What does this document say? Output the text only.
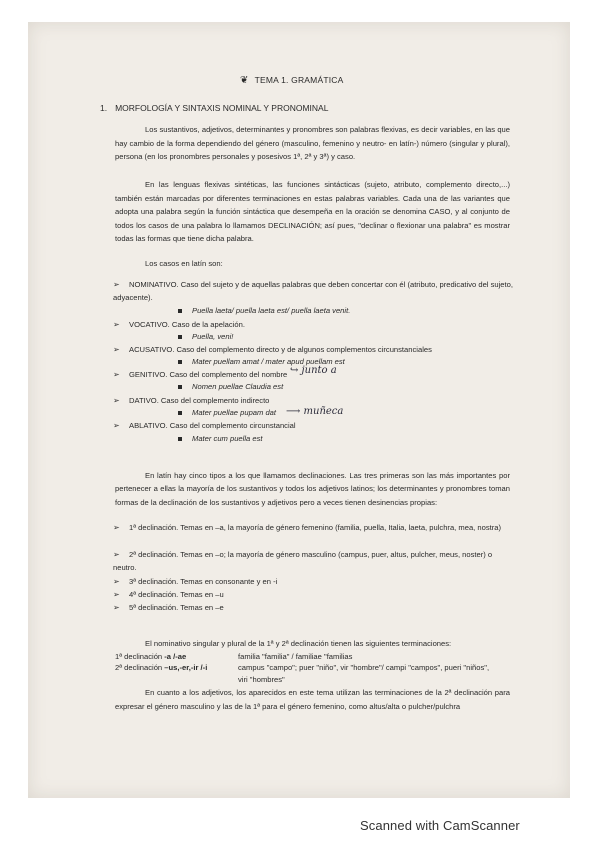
❦ TEMA 1. GRAMÁTICA
1. MORFOLOGÍA Y SINTAXIS NOMINAL Y PRONOMINAL
Los sustantivos, adjetivos, determinantes y pronombres son palabras flexivas, es decir variables, en las que hay cambio de la forma dependiendo del género (masculino, femenino y neutro- en latín-) número (singular y plural), persona (en los pronombres personales y posesivos 1ª, 2ª y 3ª) y caso.
En las lenguas flexivas sintéticas, las funciones sintácticas (sujeto, atributo, complemento directo,...) también están marcadas por diferentes terminaciones en estas palabras variables. Cada una de las variantes que adopta una palabra según la función sintáctica que desempeña en la oración se denomina CASO, y al conjunto de todos los casos de una palabra lo llamamos DECLINACIÓN; así pues, "declinar o flexionar una palabra" es mostrar todas las formas que tiene dicha palabra.
Los casos en latín son:
➢ NOMINATIVO. Caso del sujeto y de aquellas palabras que deben concertar con él (atributo, predicativo del sujeto, adyacente).
Puella laeta/ puella laeta est/ puella laeta venit.
➢ VOCATIVO. Caso de la apelación.
Puella, veni!
➢ ACUSATIVO. Caso del complemento directo y de algunos complementos circunstanciales
Mater puellam amat / mater apud puellam est
➢ GENITIVO. Caso del complemento del nombre ↪ junto a
Nomen puellae Claudia est
➢ DATIVO. Caso del complemento indirecto
Mater puellae pupam dat ⟶ muñeca
➢ ABLATIVO. Caso del complemento circunstancial
Mater cum puella est
En latín hay cinco tipos a los que llamamos declinaciones. Las tres primeras son las más importantes por pertenecer a ellas la mayoría de los sustantivos y todos los adjetivos latinos; los determinantes y pronombres toman formas de la declinación de los sustantivos y adjetivos pero a veces tienen desinencias propias:
➢ 1ª declinación. Temas en –a, la mayoría de género femenino (familia, puella, Italia, laeta, pulchra, mea, nostra)
➢ 2ª declinación. Temas en –o; la mayoría de género masculino (campus, puer, altus, pulcher, meus, noster) o neutro.
➢ 3ª declinación. Temas en consonante y en -i
➢ 4ª declinación. Temas en –u
➢ 5ª declinación. Temas en –e
El nominativo singular y plural de la 1ª y 2ª declinación tienen las siguientes terminaciones:
1ª declinación -a /-ae	familia "familia" / familiae "familias
2ª declinación –us,-er,-ir /-i	campus "campo"; puer "niño", vir "hombre"/ campi "campos", pueri "niños",
viri "hombres"
En cuanto a los adjetivos, los aparecidos en este tema utilizan las terminaciones de la 2ª declinación para expresar el género masculino y las de la 1ª para el género femenino, como altus/alta o pulcher/pulchra
Scanned with CamScanner
